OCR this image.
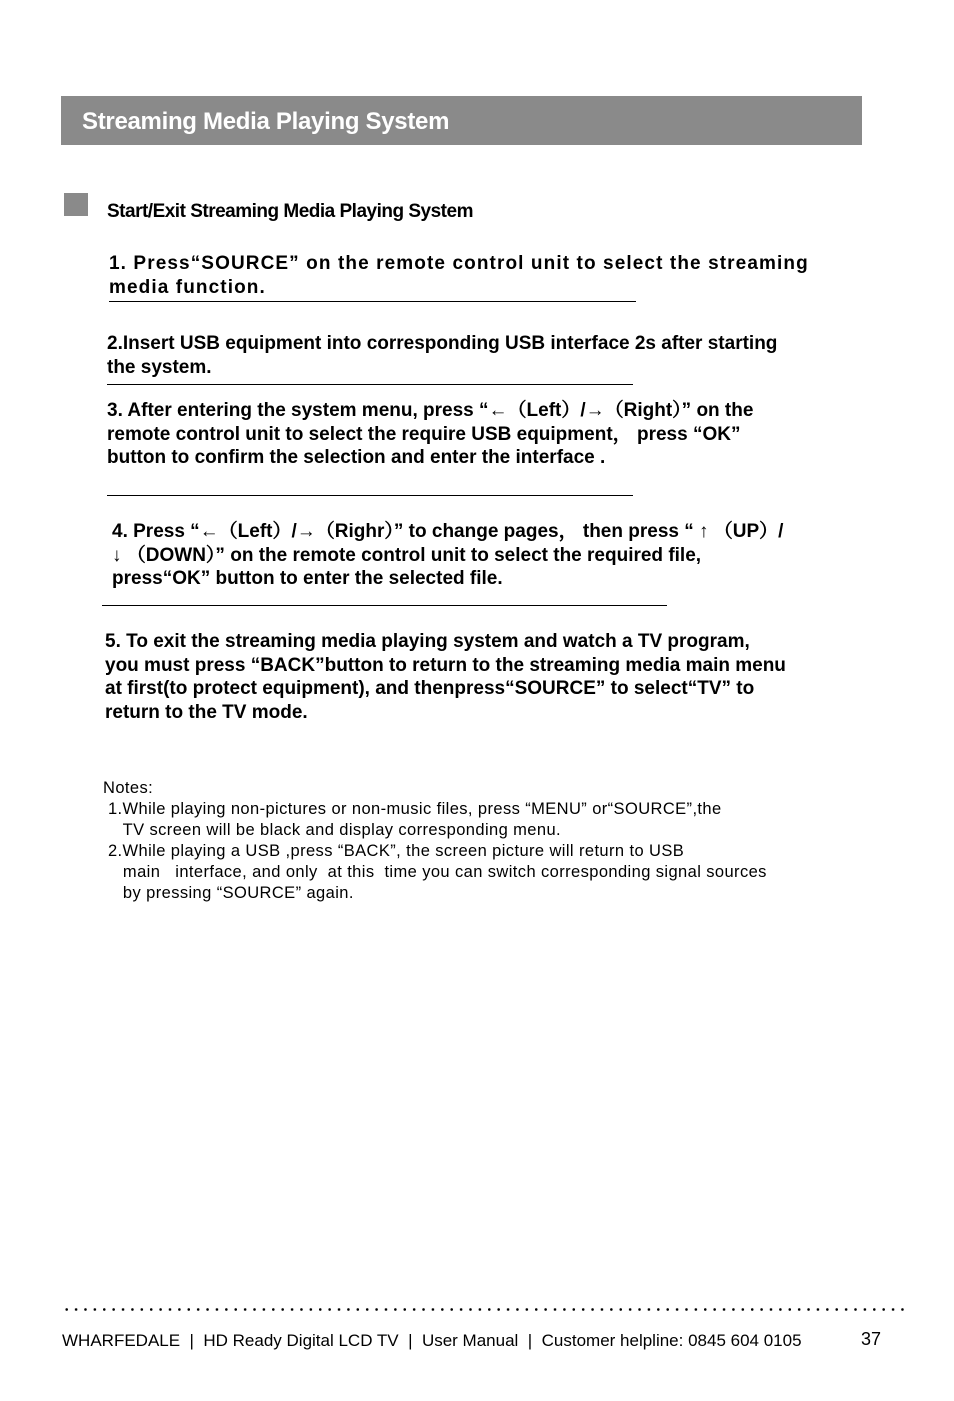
Streaming Media Playing System
Start/Exit Streaming Media Playing System
1. Press“SOURCE” on the remote control unit to select the streaming
media function.
2.Insert USB equipment into corresponding USB interface 2s after starting
the system.
3. After entering the system menu, press “←（Left）/→（Right）” on the
remote control unit to select the require USB equipment， press “OK”
button to confirm the selection and enter the interface .
4. Press “←（Left）/→（Righr）” to change pages， then press “ ↑ （UP）/
↓ （DOWN）” on the remote control unit to select the required file,
press“OK” button to enter the selected file.
5. To exit the streaming media playing system and watch a TV program,
you must press “BACK”button to return to the streaming media main menu
at first(to protect equipment), and thenpress“SOURCE” to select“TV” to
return to the TV mode.
Notes:
1.While playing non-pictures or non-music files, press “MENU” or“SOURCE”,the
TV screen will be black and display corresponding menu.
2.While playing a USB ,press “BACK”, the screen picture will return to USB
main   interface, and only  at this  time you can switch corresponding signal sources
by pressing “SOURCE” again.
WHARFEDALE  |  HD Ready Digital LCD TV  |  User Manual  |  Customer helpline: 0845 604 0105	37
